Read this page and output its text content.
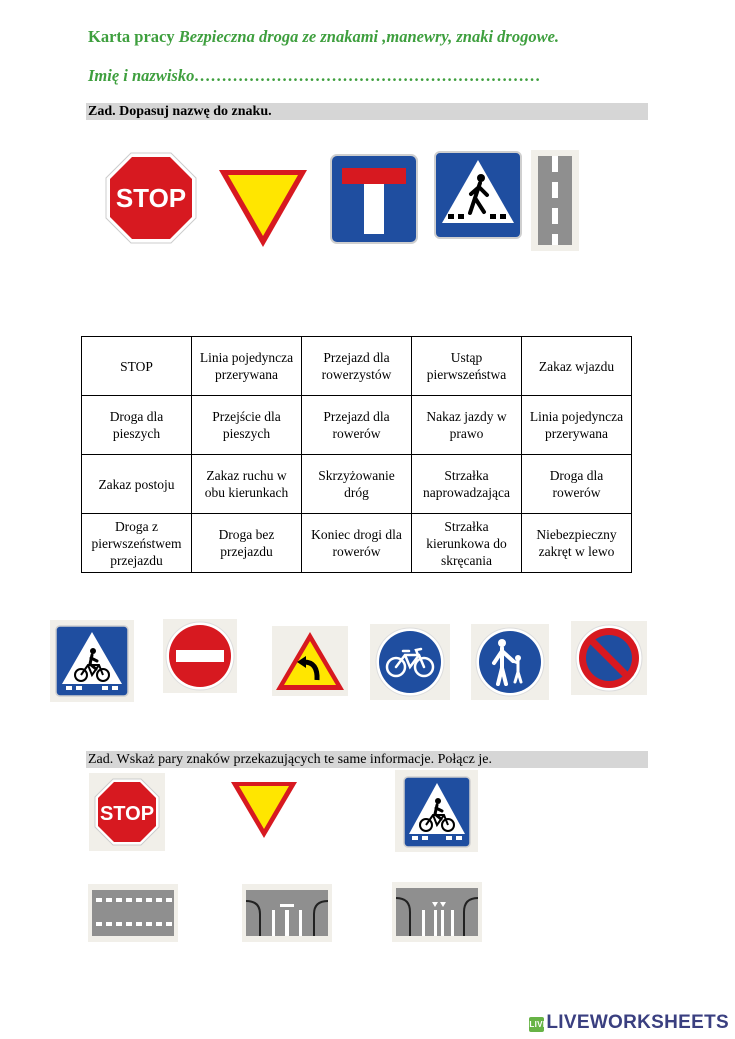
Karta pracy Bezpieczna droga ze znakami ,manewry, znaki drogowe.
Imię i nazwisko………………………………………………………
Zad. Dopasuj nazwę do znaku.
STOP
STOP	Linia pojedyncza przerywana	Przejazd dla rowerzystów	Ustąp pierwszeństwa	Zakaz wjazdu
Droga dla pieszych	Przejście dla pieszych	Przejazd dla rowerów	Nakaz jazdy w prawo	Linia pojedyncza przerywana
Zakaz postoju	Zakaz ruchu w obu kierunkach	Skrzyżowanie dróg	Strzałka naprowadzająca	Droga dla rowerów
Droga z pierwszeństwem przejazdu	Droga bez przejazdu	Koniec drogi dla rowerów	Strzałka kierunkowa do skręcania	Niebezpieczny zakręt w lewo
Zad. Wskaż pary znaków przekazujących te same informacje. Połącz je.
STOP
LIVELIVEWORKSHEETS
